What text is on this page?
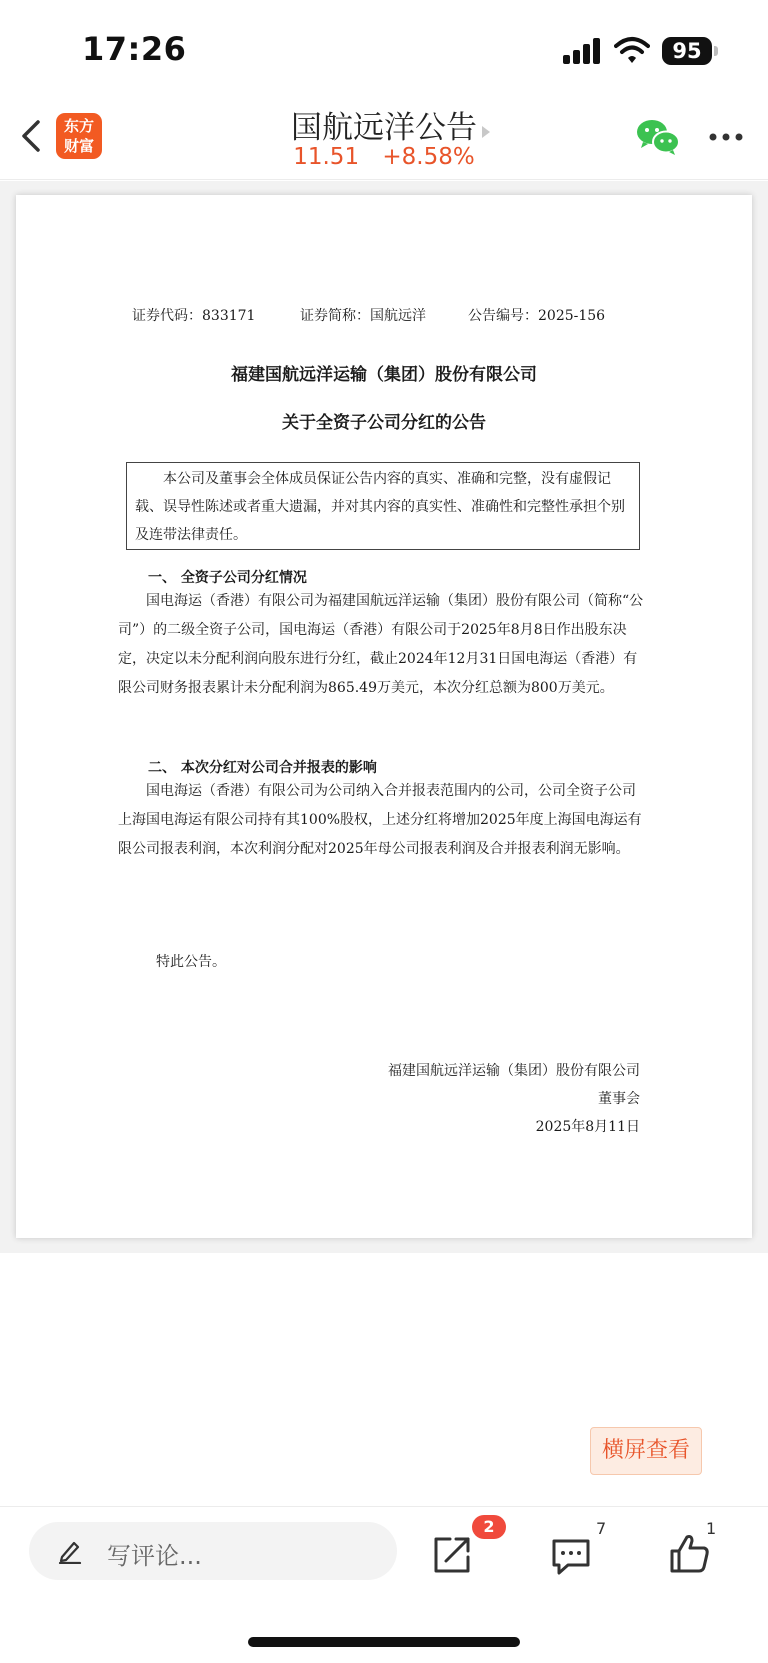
17:26	95
东方
财富	国航远洋公告
11.51 +8.58%
证券代码：833171	证券简称：国航远洋	公告编号：2025-156
福建国航远洋运输（集团）股份有限公司
关于全资子公司分红的公告
本公司及董事会全体成员保证公告内容的真实、准确和完整，没有虚假记载、误导性陈述或者重大遗漏，并对其内容的真实性、准确性和完整性承担个别及连带法律责任。
一、 全资子公司分红情况
国电海运（香港）有限公司为福建国航远洋运输（集团）股份有限公司（简称“公司”）的二级全资子公司，国电海运（香港）有限公司于2025年8月8日作出股东决定，决定以未分配利润向股东进行分红，截止2024年12月31日国电海运（香港）有限公司财务报表累计未分配利润为865.49万美元，本次分红总额为800万美元。
二、 本次分红对公司合并报表的影响
国电海运（香港）有限公司为公司纳入合并报表范围内的公司，公司全资子公司上海国电海运有限公司持有其100%股权，上述分红将增加2025年度上海国电海运有限公司报表利润，本次利润分配对2025年母公司报表利润及合并报表利润无影响。
特此公告。
福建国航远洋运输（集团）股份有限公司
董事会
2025年8月11日
横屏查看
写评论...
2	7	1
